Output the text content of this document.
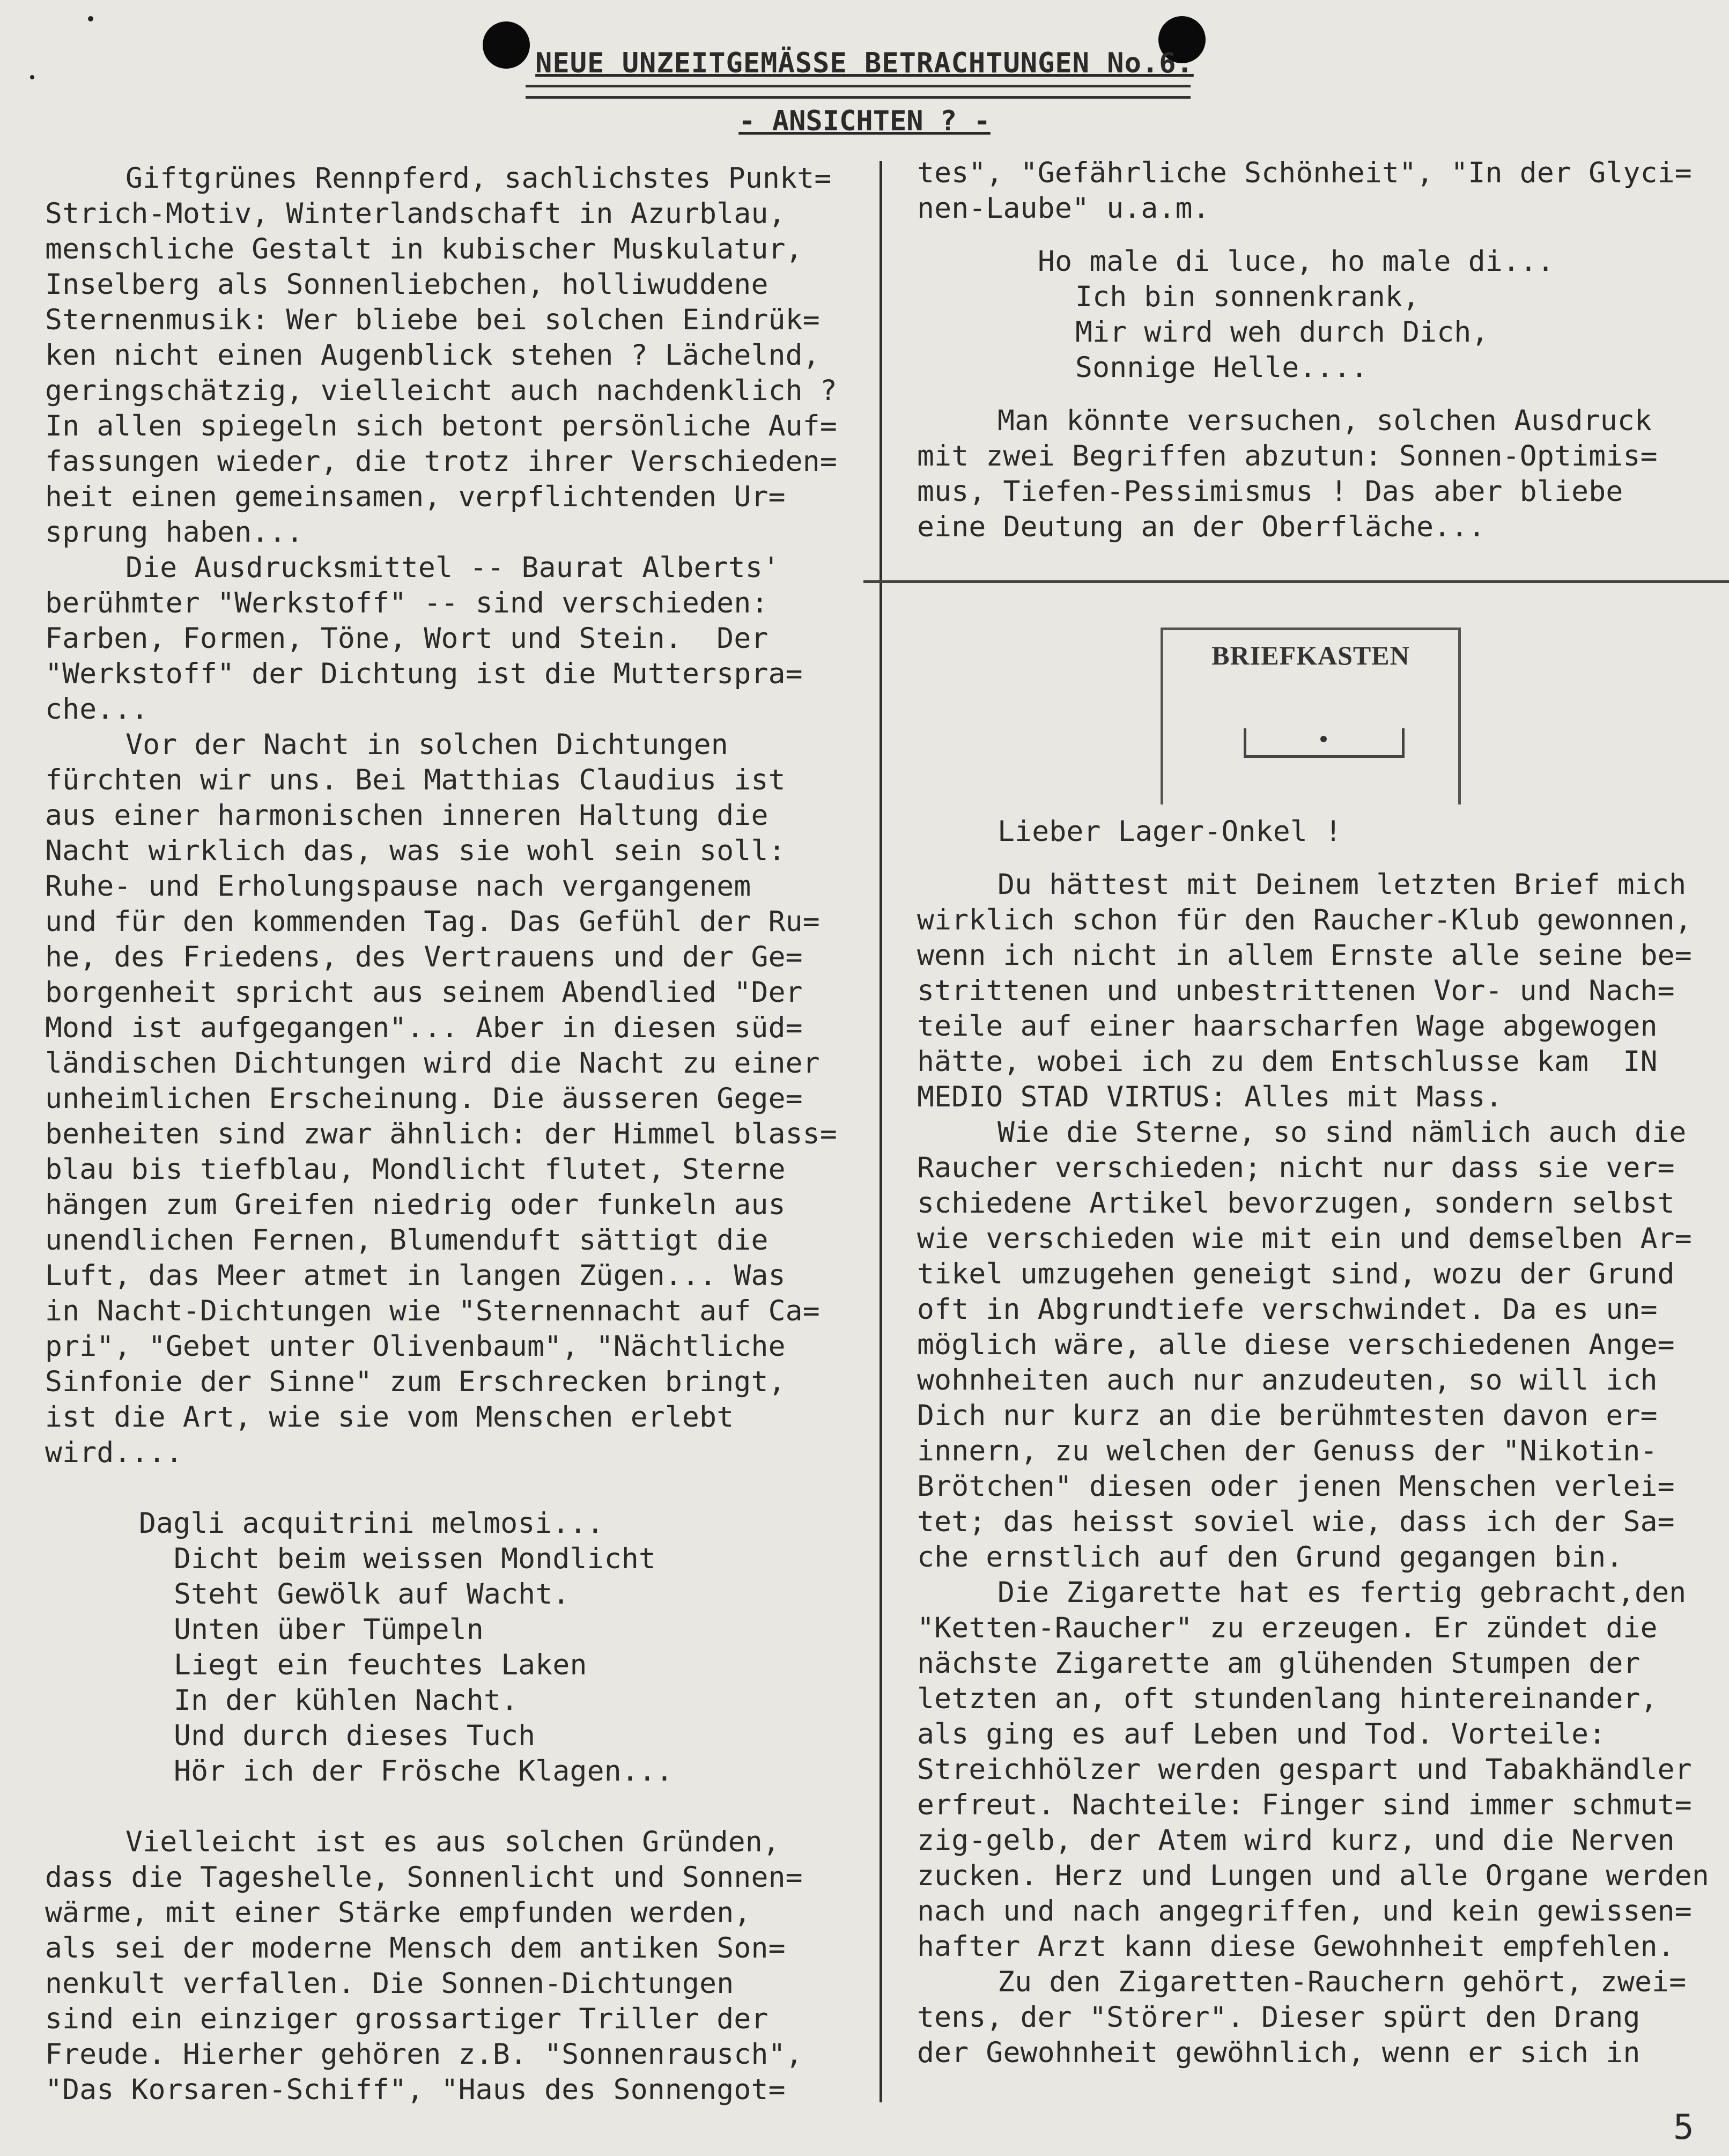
NEUE UNZEITGEMÄSSE BETRACHTUNGEN No.6.
- ANSICHTEN ? -
Giftgrünes Rennpferd, sachlichstes Punkt=
Strich-Motiv, Winterlandschaft in Azurblau,
menschliche Gestalt in kubischer Muskulatur,
Inselberg als Sonnenliebchen, holliwuddene
Sternenmusik: Wer bliebe bei solchen Eindrük=
ken nicht einen Augenblick stehen ? Lächelnd,
geringschätzig, vielleicht auch nachdenklich ?
In allen spiegeln sich betont persönliche Auf=
fassungen wieder, die trotz ihrer Verschieden=
heit einen gemeinsamen, verpflichtenden Ur=
sprung haben...
Die Ausdrucksmittel -- Baurat Alberts'
berühmter "Werkstoff" -- sind verschieden:
Farben, Formen, Töne, Wort und Stein.  Der
"Werkstoff" der Dichtung ist die Mutterspra=
che...
Vor der Nacht in solchen Dichtungen
fürchten wir uns. Bei Matthias Claudius ist
aus einer harmonischen inneren Haltung die
Nacht wirklich das, was sie wohl sein soll:
Ruhe- und Erholungspause nach vergangenem
und für den kommenden Tag. Das Gefühl der Ru=
he, des Friedens, des Vertrauens und der Ge=
borgenheit spricht aus seinem Abendlied "Der
Mond ist aufgegangen"... Aber in diesen süd=
ländischen Dichtungen wird die Nacht zu einer
unheimlichen Erscheinung. Die äusseren Gege=
benheiten sind zwar ähnlich: der Himmel blass=
blau bis tiefblau, Mondlicht flutet, Sterne
hängen zum Greifen niedrig oder funkeln aus
unendlichen Fernen, Blumenduft sättigt die
Luft, das Meer atmet in langen Zügen... Was
in Nacht-Dichtungen wie "Sternennacht auf Ca=
pri", "Gebet unter Olivenbaum", "Nächtliche
Sinfonie der Sinne" zum Erschrecken bringt,
ist die Art, wie sie vom Menschen erlebt
wird....
Dagli acquitrini melmosi...
Dicht beim weissen Mondlicht
Steht Gewölk auf Wacht.
Unten über Tümpeln
Liegt ein feuchtes Laken
In der kühlen Nacht.
Und durch dieses Tuch
Hör ich der Frösche Klagen...
Vielleicht ist es aus solchen Gründen,
dass die Tageshelle, Sonnenlicht und Sonnen=
wärme, mit einer Stärke empfunden werden,
als sei der moderne Mensch dem antiken Son=
nenkult verfallen. Die Sonnen-Dichtungen
sind ein einziger grossartiger Triller der
Freude. Hierher gehören z.B. "Sonnenrausch",
"Das Korsaren-Schiff", "Haus des Sonnengot=
tes", "Gefährliche Schönheit", "In der Glyci=
nen-Laube" u.a.m.
Ho male di luce, ho male di...
Ich bin sonnenkrank,
Mir wird weh durch Dich,
Sonnige Helle....
Man könnte versuchen, solchen Ausdruck
mit zwei Begriffen abzutun: Sonnen-Optimis=
mus, Tiefen-Pessimismus ! Das aber bliebe
eine Deutung an der Oberfläche...
BRIEFKASTEN
Lieber Lager-Onkel !
Du hättest mit Deinem letzten Brief mich
wirklich schon für den Raucher-Klub gewonnen,
wenn ich nicht in allem Ernste alle seine be=
strittenen und unbestrittenen Vor- und Nach=
teile auf einer haarscharfen Wage abgewogen
hätte, wobei ich zu dem Entschlusse kam  IN
MEDIO STAD VIRTUS: Alles mit Mass.
Wie die Sterne, so sind nämlich auch die
Raucher verschieden; nicht nur dass sie ver=
schiedene Artikel bevorzugen, sondern selbst
wie verschieden wie mit ein und demselben Ar=
tikel umzugehen geneigt sind, wozu der Grund
oft in Abgrundtiefe verschwindet. Da es un=
möglich wäre, alle diese verschiedenen Ange=
wohnheiten auch nur anzudeuten, so will ich
Dich nur kurz an die berühmtesten davon er=
innern, zu welchen der Genuss der "Nikotin-
Brötchen" diesen oder jenen Menschen verlei=
tet; das heisst soviel wie, dass ich der Sa=
che ernstlich auf den Grund gegangen bin.
Die Zigarette hat es fertig gebracht,den
"Ketten-Raucher" zu erzeugen. Er zündet die
nächste Zigarette am glühenden Stumpen der
letzten an, oft stundenlang hintereinander,
als ging es auf Leben und Tod. Vorteile:
Streichhölzer werden gespart und Tabakhändler
erfreut. Nachteile: Finger sind immer schmut=
zig-gelb, der Atem wird kurz, und die Nerven
zucken. Herz und Lungen und alle Organe werden
nach und nach angegriffen, und kein gewissen=
hafter Arzt kann diese Gewohnheit empfehlen.
Zu den Zigaretten-Rauchern gehört, zwei=
tens, der "Störer". Dieser spürt den Drang
der Gewohnheit gewöhnlich, wenn er sich in
5
